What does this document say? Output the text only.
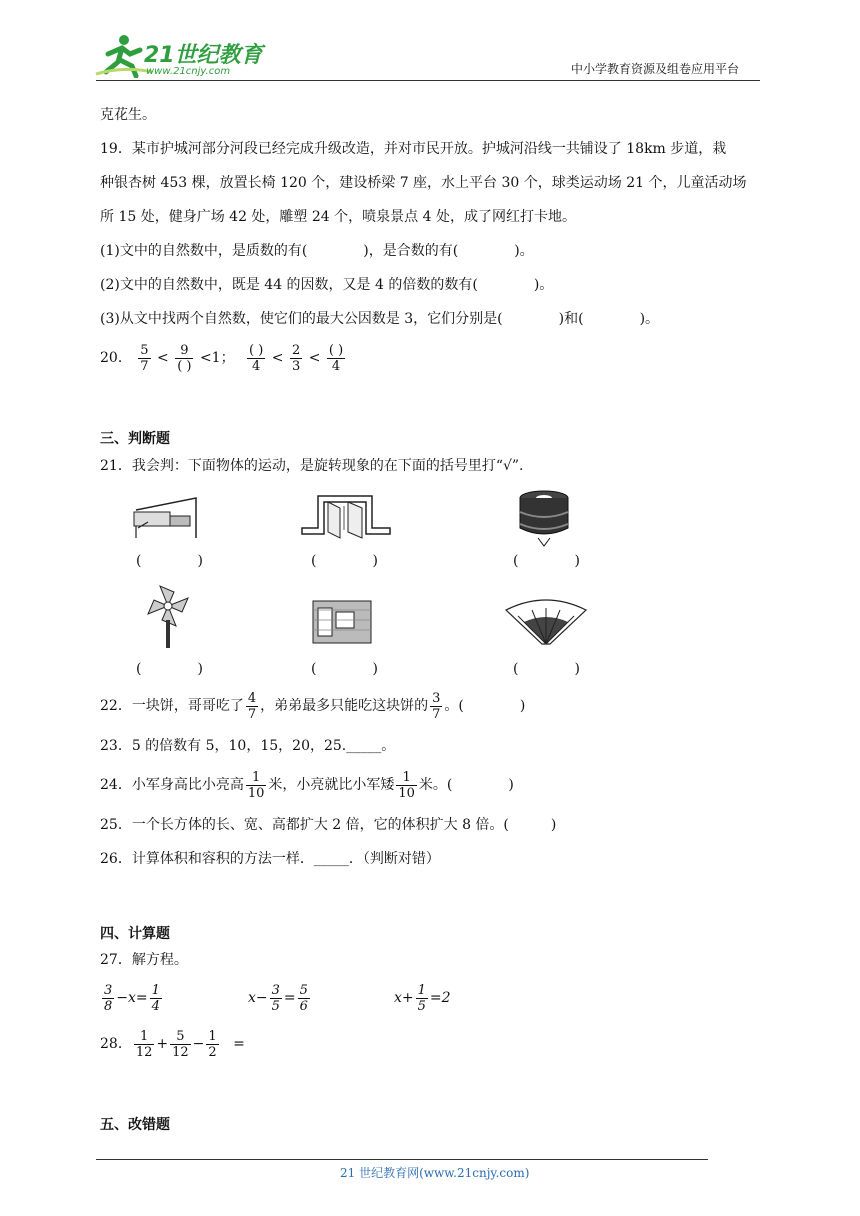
21世纪教育
www.21cnjy.com	中小学教育资源及组卷应用平台
克花生。
19．某市护城河部分河段已经完成升级改造，并对市民开放。护城河沿线一共铺设了 18km 步道，栽
种银杏树 453 棵，放置长椅 120 个，建设桥梁 7 座，水上平台 30 个，球类运动场 21 个，儿童活动场
所 15 处，健身广场 42 处，雕塑 24 个，喷泉景点 4 处，成了网红打卡地。
(1)文中的自然数中，是质数的有(　　　　)，是合数的有(　　　　)。
(2)文中的自然数中，既是 44 的因数，又是 4 的倍数的数有(　　　　)。
(3)从文中找两个自然数，使它们的最大公因数是 3，它们分别是(　　　　)和(　　　　)。
20． $\frac{5}{7} < \frac{9}{( )} <1$； $\frac{( )}{4} < \frac{2}{3} < \frac{( )}{4}$
三、判断题
21．我会判：下面物体的运动，是旋转现象的在下面的括号里打“√”.
(　　　　)	(　　　　)	(　　　　)
(　　　　)	(　　　　)	(　　　　)
22．一块饼，哥哥吃了 $\frac{4}{7}$ ，弟弟最多只能吃这块饼的 $\frac{3}{7}$ 。(　　　　)
23．5 的倍数有 5，10，15，20，25._____。
24．小军身高比小亮高 $\frac{1}{10}$ 米，小亮就比小军矮 $\frac{1}{10}$ 米。(　　　　)
25．一个长方体的长、宽、高都扩大 2 倍，它的体积扩大 8 倍。(　　　)
26．计算体积和容积的方法一样．_____．（判断对错）
四、计算题
27．解方程。
$\frac{3}{8} -x= \frac{1}{4}$	$x- \frac{3}{5} = \frac{5}{6}$	$x+ \frac{1}{5} =2$
28． $\frac{1}{12} + \frac{5}{12} - \frac{1}{2}$ =
五、改错题
21 世纪教育网(www.21cnjy.com)
